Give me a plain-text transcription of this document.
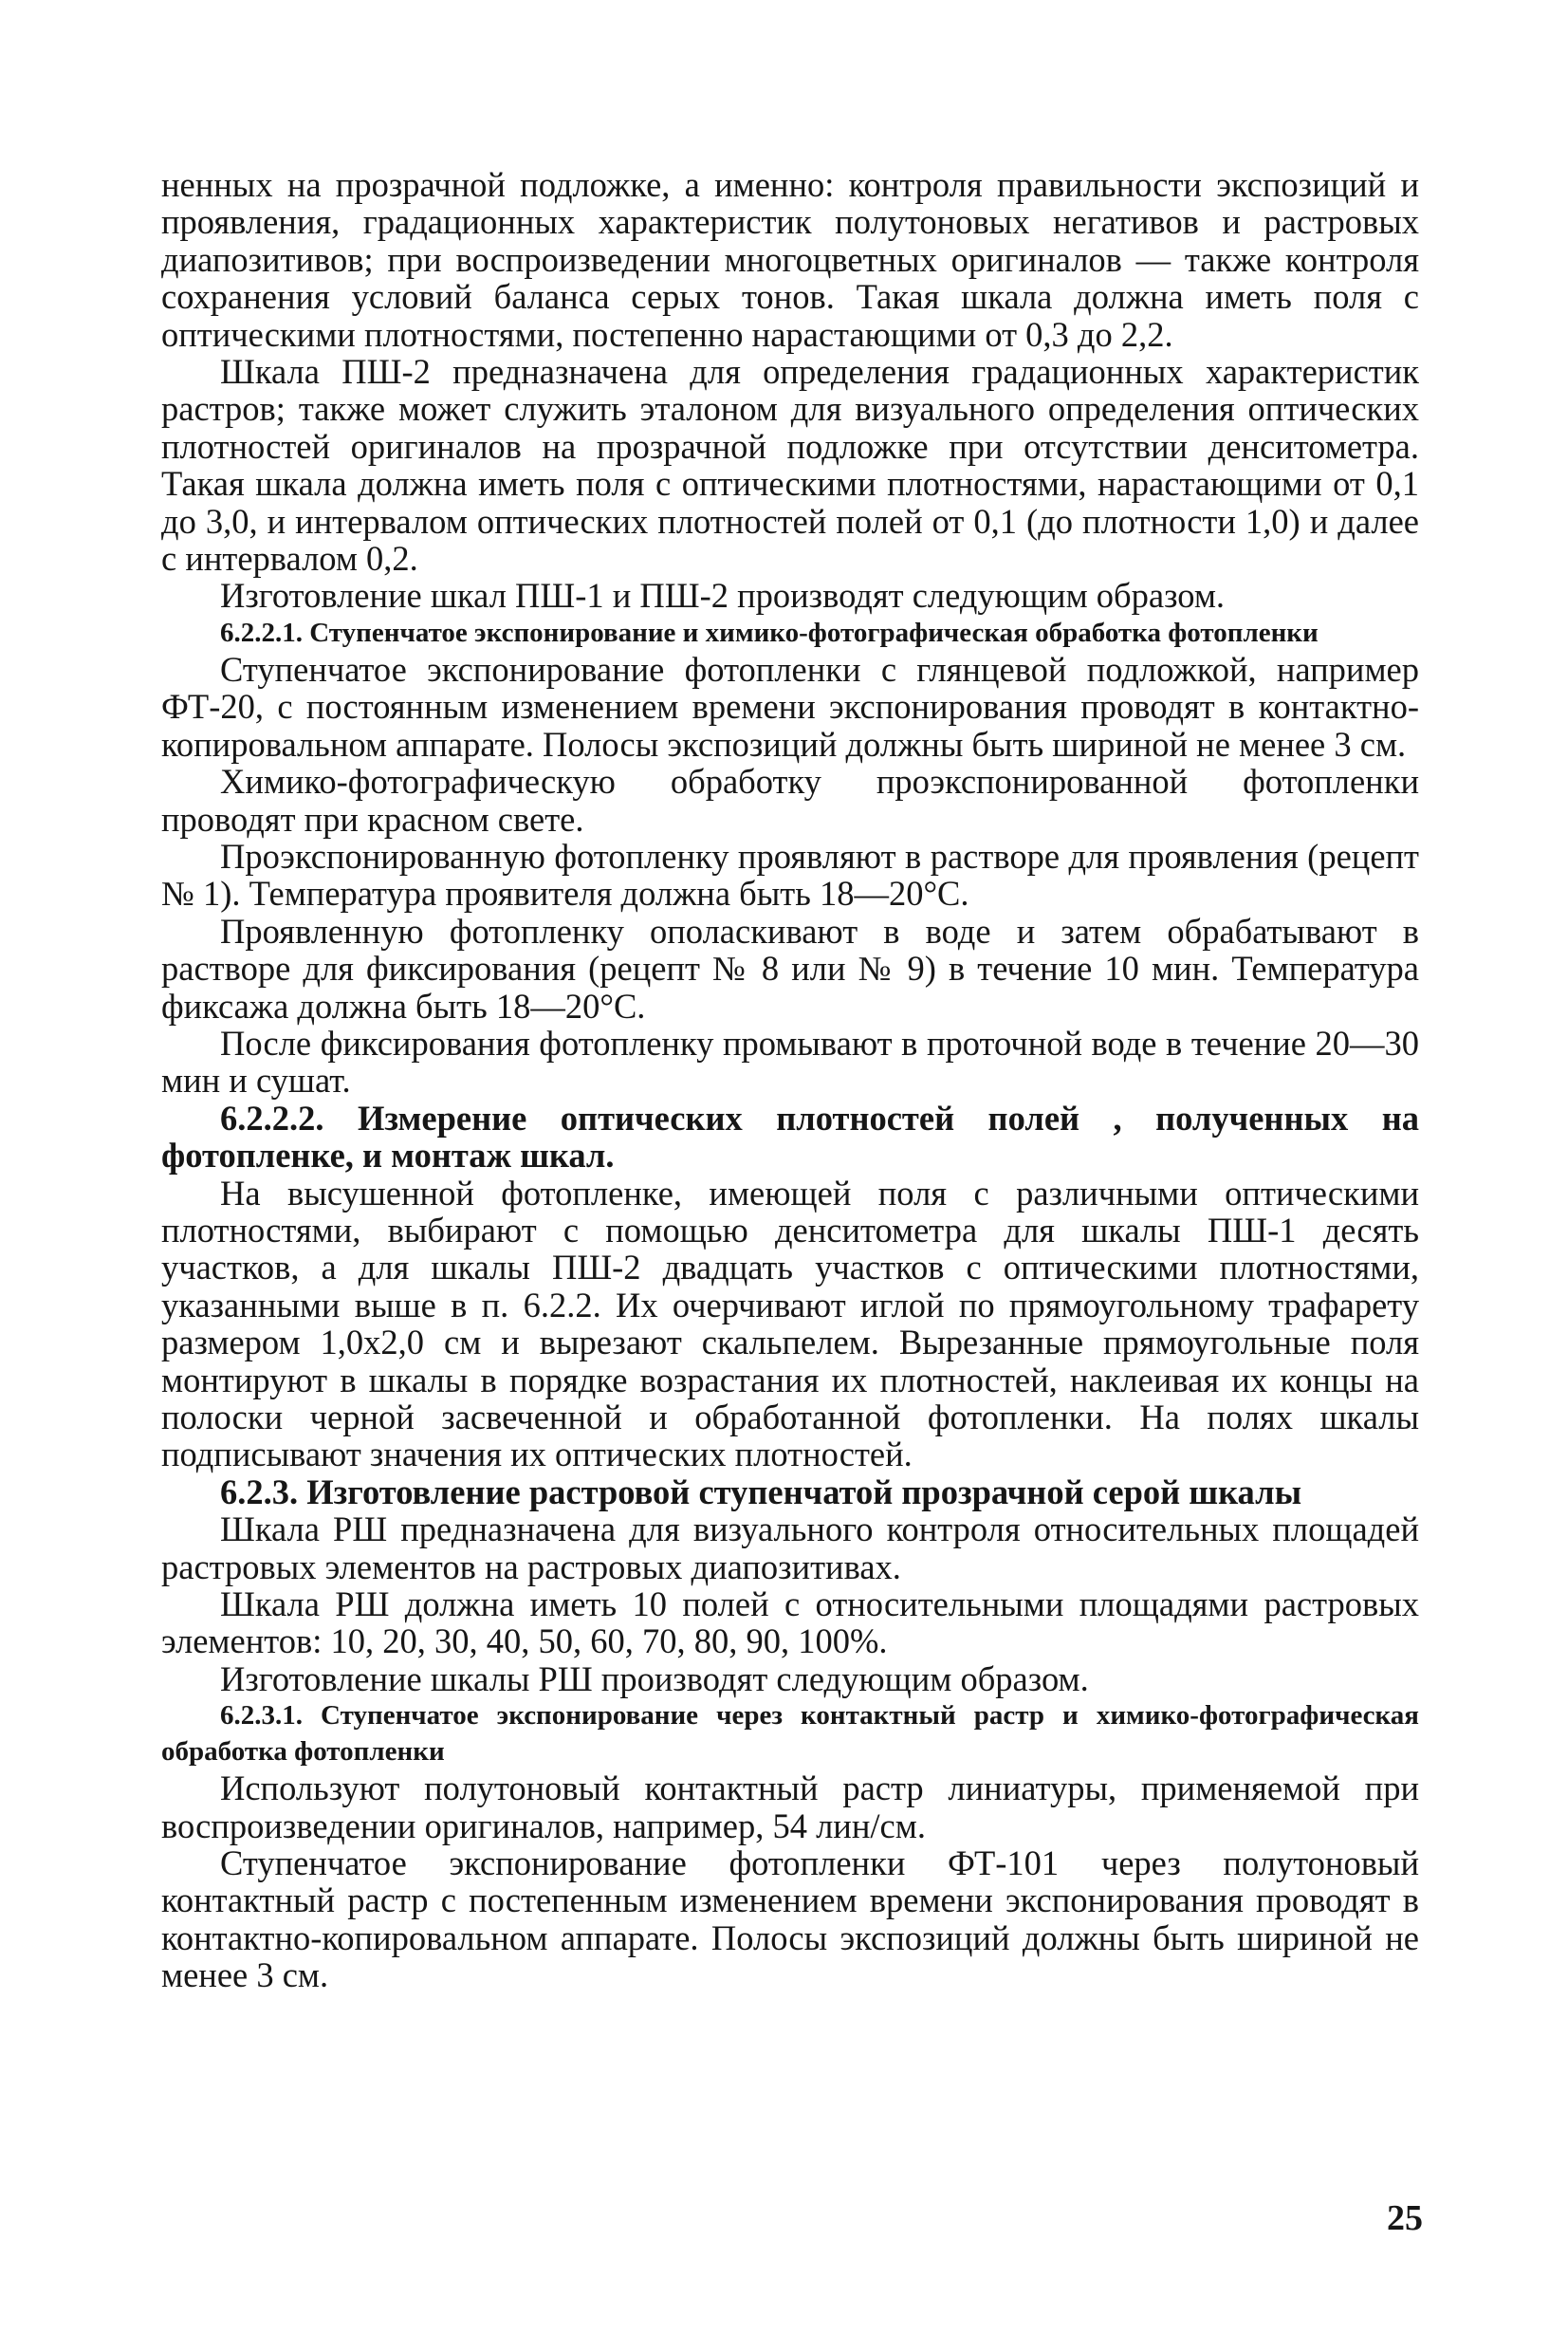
ненных на прозрачной подложке, а именно: контроля правильности экспозиций и проявления, градационных характеристик полутоновых негативов и растровых диапозитивов; при воспроизведении многоцветных оригиналов — также контроля сохранения условий баланса серых тонов. Такая шкала должна иметь поля с оптическими плотностями, постепенно нарастающими от 0,3 до 2,2.

Шкала ПШ-2 предназначена для определения градационных характеристик растров; также может служить эталоном для визуального определения оптических плотностей оригиналов на прозрачной подложке при отсутствии денситометра. Такая шкала должна иметь поля с оптическими плотностями, нарастающими от 0,1 до 3,0, и интервалом оптических плотностей полей от 0,1 (до плотности 1,0) и далее с интервалом 0,2.

Изготовление шкал ПШ-1 и ПШ-2 производят следующим образом.

6.2.2.1. Ступенчатое экспонирование и химико-фотографическая обработка фотопленки

Ступенчатое экспонирование фотопленки с глянцевой подложкой, например ФТ-20, с постоянным изменением времени экспонирования проводят в контактно-копировальном аппарате. Полосы экспозиций должны быть шириной не менее 3 см.

Химико-фотографическую обработку проэкспонированной фотопленки проводят при красном свете.

Проэкспонированную фотопленку проявляют в растворе для проявления (рецепт № 1). Температура проявителя должна быть 18—20°С.

Проявленную фотопленку ополаскивают в воде и затем обрабатывают в растворе для фиксирования (рецепт № 8 или № 9) в течение 10 мин. Температура фиксажа должна быть 18—20°С.

После фиксирования фотопленку промывают в проточной воде в течение 20—30 мин и сушат.

6.2.2.2. Измерение оптических плотностей полей , полученных на фотопленке, и монтаж шкал.

На высушенной фотопленке, имеющей поля с различными оптическими плотностями, выбирают с помощью денситометра для шкалы ПШ-1 десять участков, а для шкалы ПШ-2 двадцать участков с оптическими плотностями, указанными выше в п. 6.2.2. Их очерчивают иглой по прямоугольному трафарету размером 1,0х2,0 см и вырезают скальпелем. Вырезанные прямоугольные поля монтируют в шкалы в порядке возрастания их плотностей, наклеивая их концы на полоски черной засвеченной и обработанной фотопленки. На полях шкалы подписывают значения их оптических плотностей.

6.2.3. Изготовление растровой ступенчатой прозрачной серой шкалы

Шкала РШ предназначена для визуального контроля относительных площадей растровых элементов на растровых диапозитивах.

Шкала РШ должна иметь 10 полей с относительными площадями растровых элементов: 10, 20, 30, 40, 50, 60, 70, 80, 90, 100%.

Изготовление шкалы РШ производят следующим образом.

6.2.3.1. Ступенчатое экспонирование через контактный растр и химико-фотографическая обработка фотопленки

Используют полутоновый контактный растр линиатуры, применяемой при воспроизведении оригиналов, например, 54 лин/см.

Ступенчатое экспонирование фотопленки ФТ-101 через полутоновый контактный растр с постепенным изменением времени экспонирования проводят в контактно-копировальном аппарате. Полосы экспозиций должны быть шириной не менее 3 см.

25
